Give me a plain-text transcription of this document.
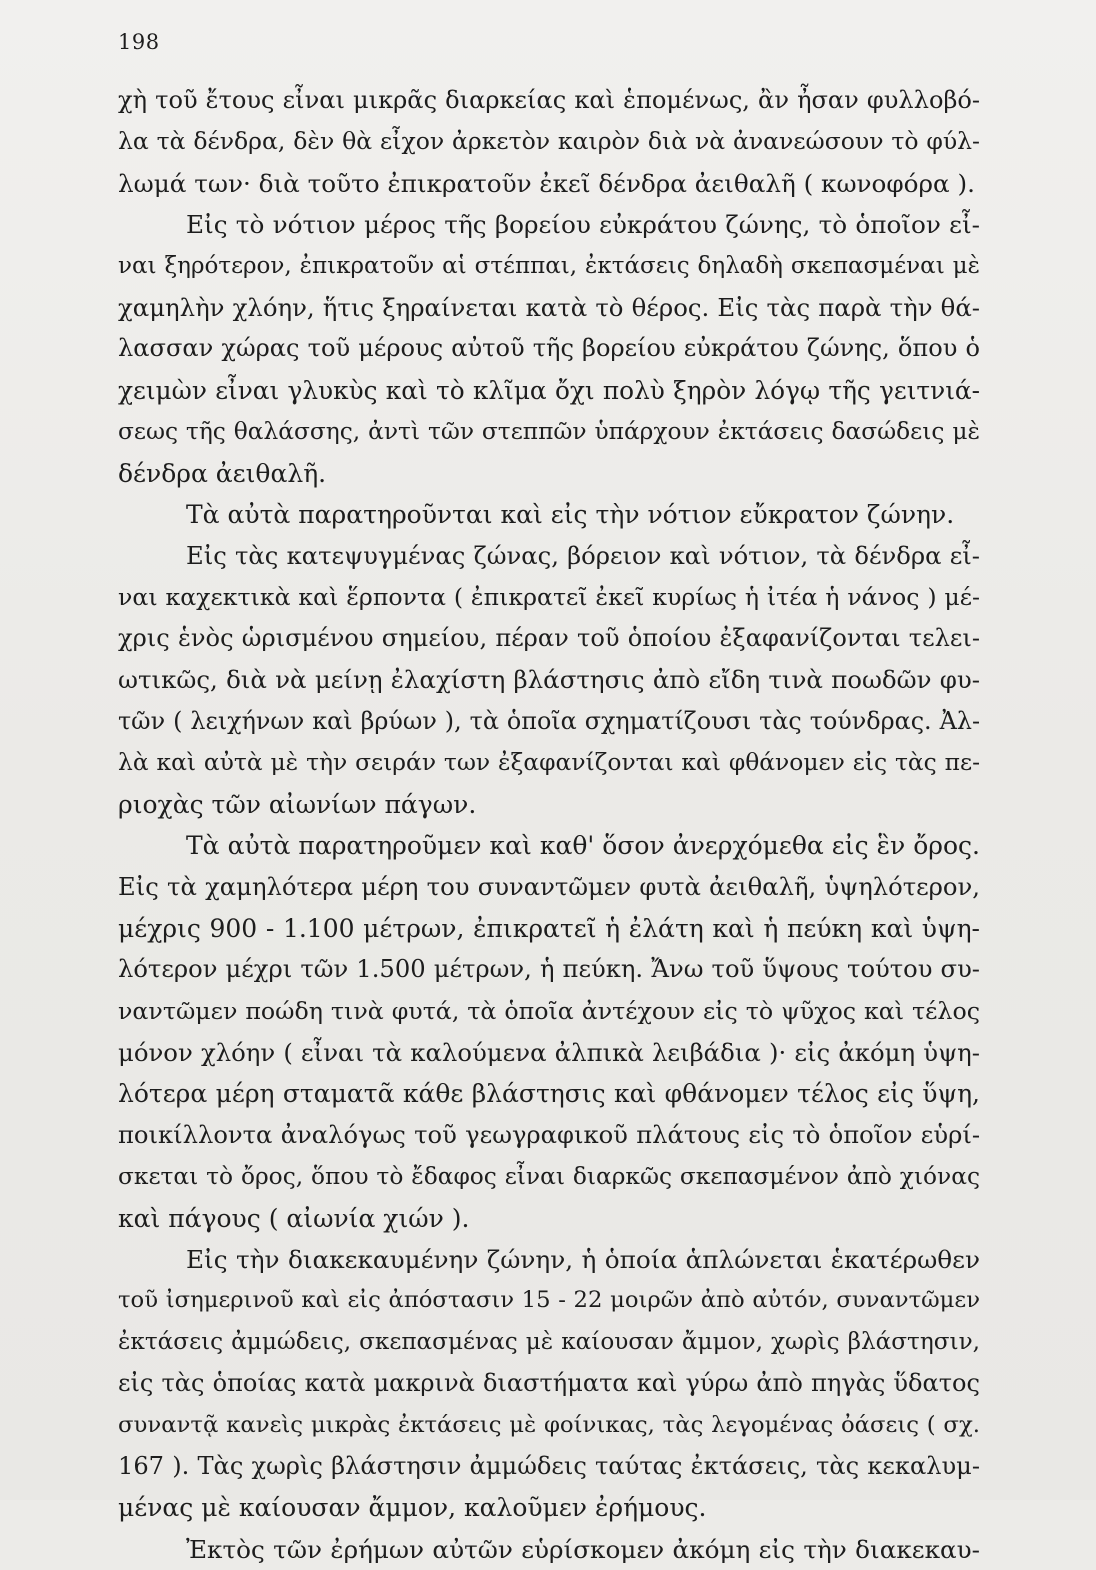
198
χὴ τοῦ ἔτους εἶναι μικρᾶς διαρκείας καὶ ἑπομένως, ἂν ἦσαν φυλλοβό-
λα τὰ δένδρα, δὲν θὰ εἶχον ἀρκετὸν καιρὸν διὰ νὰ ἀνανεώσουν τὸ φύλ-
λωμά των· διὰ τοῦτο ἐπικρατοῦν ἐκεῖ δένδρα ἀειθαλῆ ( κωνοφόρα ).
Εἰς τὸ νότιον μέρος τῆς βορείου εὐκράτου ζώνης, τὸ ὁποῖον εἶ-
ναι ξηρότερον, ἐπικρατοῦν αἱ στέππαι, ἐκτάσεις δηλαδὴ σκεπασμέναι μὲ
χαμηλὴν χλόην, ἥτις ξηραίνεται κατὰ τὸ θέρος. Εἰς τὰς παρὰ τὴν θά-
λασσαν χώρας τοῦ μέρους αὐτοῦ τῆς βορείου εὐκράτου ζώνης, ὅπου ὁ
χειμὼν εἶναι γλυκὺς καὶ τὸ κλῖμα ὄχι πολὺ ξηρὸν λόγῳ τῆς γειτνιά-
σεως τῆς θαλάσσης, ἀντὶ τῶν στεππῶν ὑπάρχουν ἐκτάσεις δασώδεις μὲ
δένδρα ἀειθαλῆ.
Τὰ αὐτὰ παρατηροῦνται καὶ εἰς τὴν νότιον εὔκρατον ζώνην.
Εἰς τὰς κατεψυγμένας ζώνας, βόρειον καὶ νότιον, τὰ δένδρα εἶ-
ναι καχεκτικὰ καὶ ἕρποντα ( ἐπικρατεῖ ἐκεῖ κυρίως ἡ ἰτέα ἡ νάνος ) μέ-
χρις ἑνὸς ὡρισμένου σημείου, πέραν τοῦ ὁποίου ἐξαφανίζονται τελει-
ωτικῶς, διὰ νὰ μείνῃ ἐλαχίστη βλάστησις ἀπὸ εἴδη τινὰ ποωδῶν φυ-
τῶν ( λειχήνων καὶ βρύων ), τὰ ὁποῖα σχηματίζουσι τὰς τούνδρας. Ἀλ-
λὰ καὶ αὐτὰ μὲ τὴν σειράν των ἐξαφανίζονται καὶ φθάνομεν εἰς τὰς πε-
ριοχὰς τῶν αἰωνίων πάγων.
Τὰ αὐτὰ παρατηροῦμεν καὶ καθ' ὅσον ἀνερχόμεθα εἰς ἓν ὄρος.
Εἰς τὰ χαμηλότερα μέρη του συναντῶμεν φυτὰ ἀειθαλῆ, ὑψηλότερον,
μέχρις 900 - 1.100 μέτρων, ἐπικρατεῖ ἡ ἐλάτη καὶ ἡ πεύκη καὶ ὑψη-
λότερον μέχρι τῶν 1.500 μέτρων, ἡ πεύκη. Ἄνω τοῦ ὕψους τούτου συ-
ναντῶμεν ποώδη τινὰ φυτά, τὰ ὁποῖα ἀντέχουν εἰς τὸ ψῦχος καὶ τέλος
μόνον χλόην ( εἶναι τὰ καλούμενα ἀλπικὰ λειβάδια )· εἰς ἀκόμη ὑψη-
λότερα μέρη σταματᾶ κάθε βλάστησις καὶ φθάνομεν τέλος εἰς ὕψη,
ποικίλλοντα ἀναλόγως τοῦ γεωγραφικοῦ πλάτους εἰς τὸ ὁποῖον εὑρί-
σκεται τὸ ὄρος, ὅπου τὸ ἔδαφος εἶναι διαρκῶς σκεπασμένον ἀπὸ χιόνας
καὶ πάγους ( αἰωνία χιών ).
Εἰς τὴν διακεκαυμένην ζώνην, ἡ ὁποία ἁπλώνεται ἑκατέρωθεν
τοῦ ἰσημερινοῦ καὶ εἰς ἀπόστασιν 15 - 22 μοιρῶν ἀπὸ αὐτόν, συναντῶμεν
ἐκτάσεις ἀμμώδεις, σκεπασμένας μὲ καίουσαν ἄμμον, χωρὶς βλάστησιν,
εἰς τὰς ὁποίας κατὰ μακρινὰ διαστήματα καὶ γύρω ἀπὸ πηγὰς ὕδατος
συναντᾷ κανεὶς μικρὰς ἐκτάσεις μὲ φοίνικας, τὰς λεγομένας ὀάσεις ( σχ.
167 ). Τὰς χωρὶς βλάστησιν ἀμμώδεις ταύτας ἐκτάσεις, τὰς κεκαλυμ-
μένας μὲ καίουσαν ἄμμον, καλοῦμεν ἐρήμους.
Ἐκτὸς τῶν ἐρήμων αὐτῶν εὑρίσκομεν ἀκόμη εἰς τὴν διακεκαυ-
